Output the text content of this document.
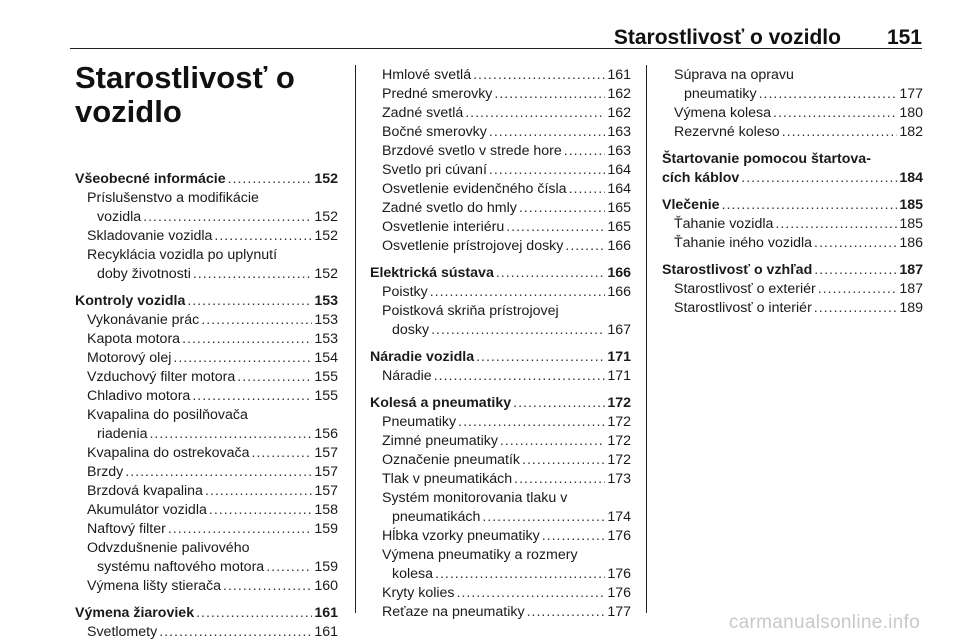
Starostlivosť o vozidlo 151
Starostlivosť o vozidlo
Všeobecné informácie .....	152
Príslušenstvo a modifikácie
vozidla .....	152
Skladovanie vozidla .....	152
Recyklácia vozidla po uplynutí
doby životnosti .....	152
Kontroly vozidla .....	153
Vykonávanie prác .....	153
Kapota motora .....	153
Motorový olej .....	154
Vzduchový filter motora .....	155
Chladivo motora .....	155
Kvapalina do posilňovača
riadenia .....	156
Kvapalina do ostrekovača .....	157
Brzdy .....	157
Brzdová kvapalina .....	157
Akumulátor vozidla .....	158
Naftový filter .....	159
Odvzdušnenie palivového
systému naftového motora .....	159
Výmena lišty stierača .....	160
Výmena žiaroviek .....	161
Svetlomety .....	161
Hmlové svetlá .....	161
Predné smerovky .....	162
Zadné svetlá .....	162
Bočné smerovky .....	163
Brzdové svetlo v strede hore .....	163
Svetlo pri cúvaní .....	164
Osvetlenie evidenčného čísla .....	164
Zadné svetlo do hmly .....	165
Osvetlenie interiéru .....	165
Osvetlenie prístrojovej dosky .....	166
Elektrická sústava .....	166
Poistky .....	166
Poistková skriňa prístrojovej
dosky .....	167
Náradie vozidla .....	171
Náradie .....	171
Kolesá a pneumatiky .....	172
Pneumatiky .....	172
Zimné pneumatiky .....	172
Označenie pneumatík .....	172
Tlak v pneumatikách .....	173
Systém monitorovania tlaku v
pneumatikách .....	174
Hĺbka vzorky pneumatiky .....	176
Výmena pneumatiky a rozmery
kolesa .....	176
Kryty kolies .....	176
Reťaze na pneumatiky .....	177
Súprava na opravu
pneumatiky .....	177
Výmena kolesa .....	180
Rezervné koleso .....	182
Štartovanie pomocou štartova-
cích káblov .....	184
Vlečenie .....	185
Ťahanie vozidla .....	185
Ťahanie iného vozidla .....	186
Starostlivosť o vzhľad .....	187
Starostlivosť o exteriér .....	187
Starostlivosť o interiér .....	189
carmanualsonline.info
